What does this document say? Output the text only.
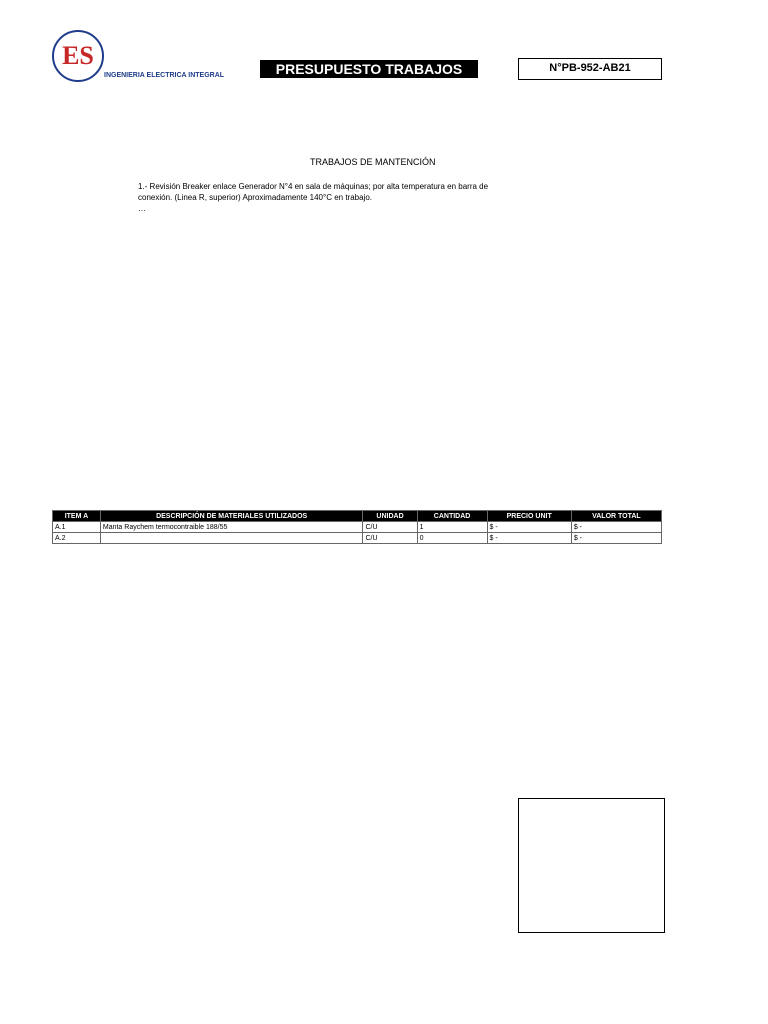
ES
INGENIERIA ELECTRICA INTEGRAL	PRESUPUESTO TRABAJOS	N°PB-952-AB21
TRABAJOS DE MANTENCIÓN
1.- Revisión Breaker enlace Generador N°4 en sala de máquinas; por alta temperatura en barra de
conexión. (Linea R, superior) Aproximadamente 140°C en trabajo.
…
ITEM A	DESCRIPCIÓN DE MATERIALES UTILIZADOS	UNIDAD	CANTIDAD	PRECIO UNIT	VALOR TOTAL
A.1	Manta Raychem termocontraible 188/55	C/U	1	$ -	$ -
A.2		C/U	0	$ -	$ -
